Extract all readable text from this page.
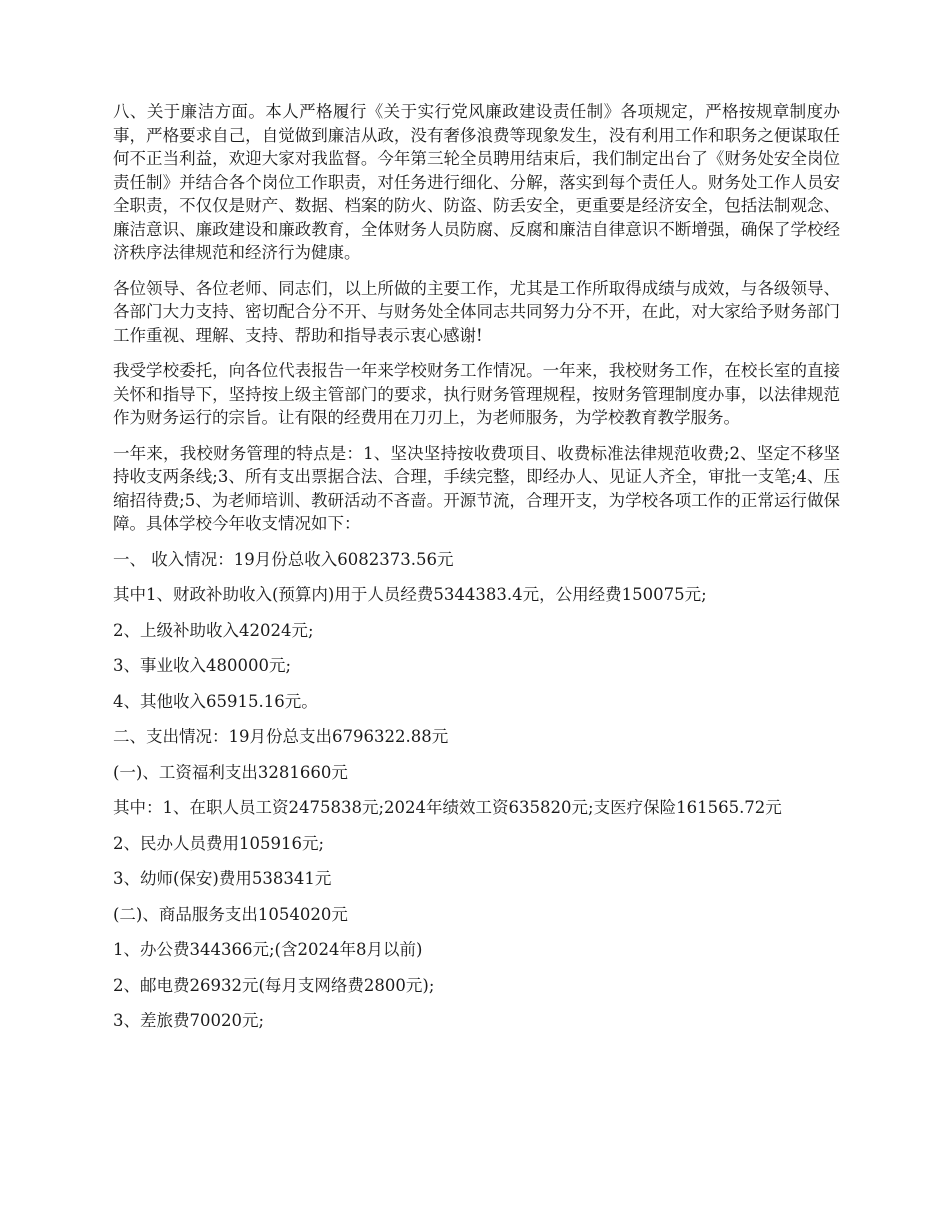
八、关于廉洁方面。本人严格履行《关于实行党风廉政建设责任制》各项规定，严格按规章制度办事，严格要求自己，自觉做到廉洁从政，没有奢侈浪费等现象发生，没有利用工作和职务之便谋取任何不正当利益，欢迎大家对我监督。今年第三轮全员聘用结束后，我们制定出台了《财务处安全岗位责任制》并结合各个岗位工作职责，对任务进行细化、分解，落实到每个责任人。财务处工作人员安全职责，不仅仅是财产、数据、档案的防火、防盗、防丢安全，更重要是经济安全，包括法制观念、廉洁意识、廉政建设和廉政教育，全体财务人员防腐、反腐和廉洁自律意识不断增强，确保了学校经济秩序法律规范和经济行为健康。

各位领导、各位老师、同志们，以上所做的主要工作，尤其是工作所取得成绩与成效，与各级领导、各部门大力支持、密切配合分不开、与财务处全体同志共同努力分不开，在此，对大家给予财务部门工作重视、理解、支持、帮助和指导表示衷心感谢!

我受学校委托，向各位代表报告一年来学校财务工作情况。一年来，我校财务工作，在校长室的直接关怀和指导下，坚持按上级主管部门的要求，执行财务管理规程，按财务管理制度办事，以法律规范作为财务运行的宗旨。让有限的经费用在刀刃上，为老师服务，为学校教育教学服务。

一年来，我校财务管理的特点是：1、坚决坚持按收费项目、收费标准法律规范收费;2、坚定不移坚持收支两条线;3、所有支出票据合法、合理，手续完整，即经办人、见证人齐全，审批一支笔;4、压缩招待费;5、为老师培训、教研活动不吝啬。开源节流，合理开支，为学校各项工作的正常运行做保障。具体学校今年收支情况如下：

一、 收入情况：19月份总收入6082373.56元

其中1、财政补助收入(预算内)用于人员经费5344383.4元，公用经费150075元;

2、上级补助收入42024元;

3、事业收入480000元;

4、其他收入65915.16元。

二、支出情况：19月份总支出6796322.88元

(一)、工资福利支出3281660元

其中：1、在职人员工资2475838元;2024年绩效工资635820元;支医疗保险161565.72元

2、民办人员费用105916元;

3、幼师(保安)费用538341元

(二)、商品服务支出1054020元

1、办公费344366元;(含2024年8月以前)

2、邮电费26932元(每月支网络费2800元);

3、差旅费70020元;
